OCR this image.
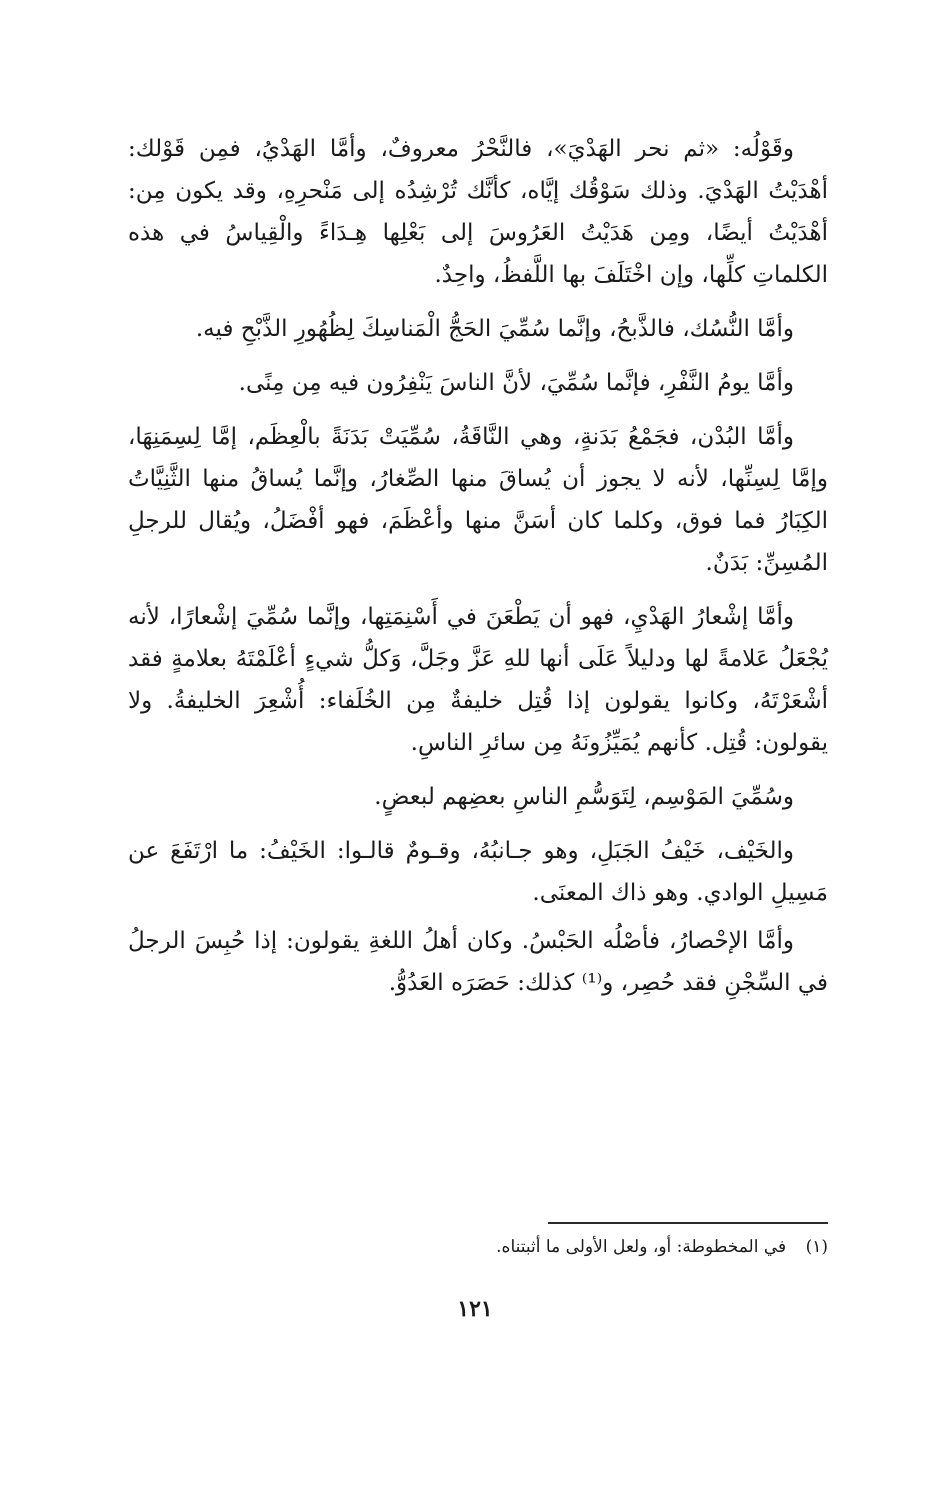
وقَوْلُه: «ثم نحر الهَدْيَ»، فالنَّحْرُ معروفٌ، وأمَّا الهَدْيُ، فمِن قَوْلك: أهْدَيْتُ الهَدْيَ. وذلك سَوْقُك إيَّاه، كأنَّك تُرْشِدُه إلى مَنْحرِهِ، وقد يكون مِن: أهْدَيْتُ أيضًا، ومِن هَدَيْتُ العَرُوسَ إلى بَعْلِها هِـدَاءً والْقِياسُ في هذه الكلماتِ كلِّها، وإن اخْتَلَفَ بها اللَّفظُ، واحِدٌ.

وأمَّا النُّسُك، فالذَّبحُ، وإنَّما سُمِّيَ الحَجُّ الْمَناسِكَ لِظُهُورِ الذَّبْحِ فيه.

وأمَّا يومُ النَّفْرِ، فإنَّما سُمِّيَ، لأنَّ الناسَ يَنْفِرُون فيه مِن مِنًى.

وأمَّا البُدْن، فجَمْعُ بَدَنةٍ، وهي النَّاقَةُ، سُمِّيَتْ بَدَنَةً بالْعِظَم، إمَّا لِسِمَنِهَا، وإمَّا لِسِنِّها، لأنه لا يجوز أن يُساقَ منها الصِّغارُ، وإنَّما يُساقُ منها الثَّنِيَّاتُ الكِبَارُ فما فوق، وكلما كان أسَنَّ منها وأعْظَمَ، فهو أفْضَلُ، ويُقال للرجلِ المُسِنِّ: بَدَنٌ.

وأمَّا إشْعارُ الهَدْيِ، فهو أن يَطْعَنَ في أَسْنِمَتِها، وإنَّما سُمِّيَ إشْعارًا، لأنه يُجْعَلُ عَلامةً لها ودليلاً عَلَى أنها للهِ عَزَّ وجَلَّ، وَكلُّ شيءٍ أعْلَمْتَهُ بعلامةٍ فقد أشْعَرْتَهُ، وكانوا يقولون إذا قُتِل خليفةٌ مِن الخُلَفاء: أُشْعِرَ الخليفةُ. ولا يقولون: قُتِل. كأنهم يُمَيِّزُونَهُ مِن سائرِ الناسِ.

وسُمِّيَ المَوْسِم، لِتَوَسُّمِ الناسِ بعضِهم لبعضٍ.

والخَيْف، خَيْفُ الجَبَلِ، وهو جـانبُهُ، وقـومٌ قالـوا: الخَيْفُ: ما ارْتَفَعَ عن مَسِيلِ الوادي. وهو ذاك المعنَى.

وأمَّا الإحْصارُ، فأصْلُه الحَبْسُ. وكان أهلُ اللغةِ يقولون: إذا حُبِسَ الرجلُ في السِّجْنِ فقد حُصِر، و⁽¹⁾ كذلك: حَصَرَه العَدُوُّ.

(١) في المخطوطة: أو، ولعل الأولى ما أثبتناه.
١٢١
